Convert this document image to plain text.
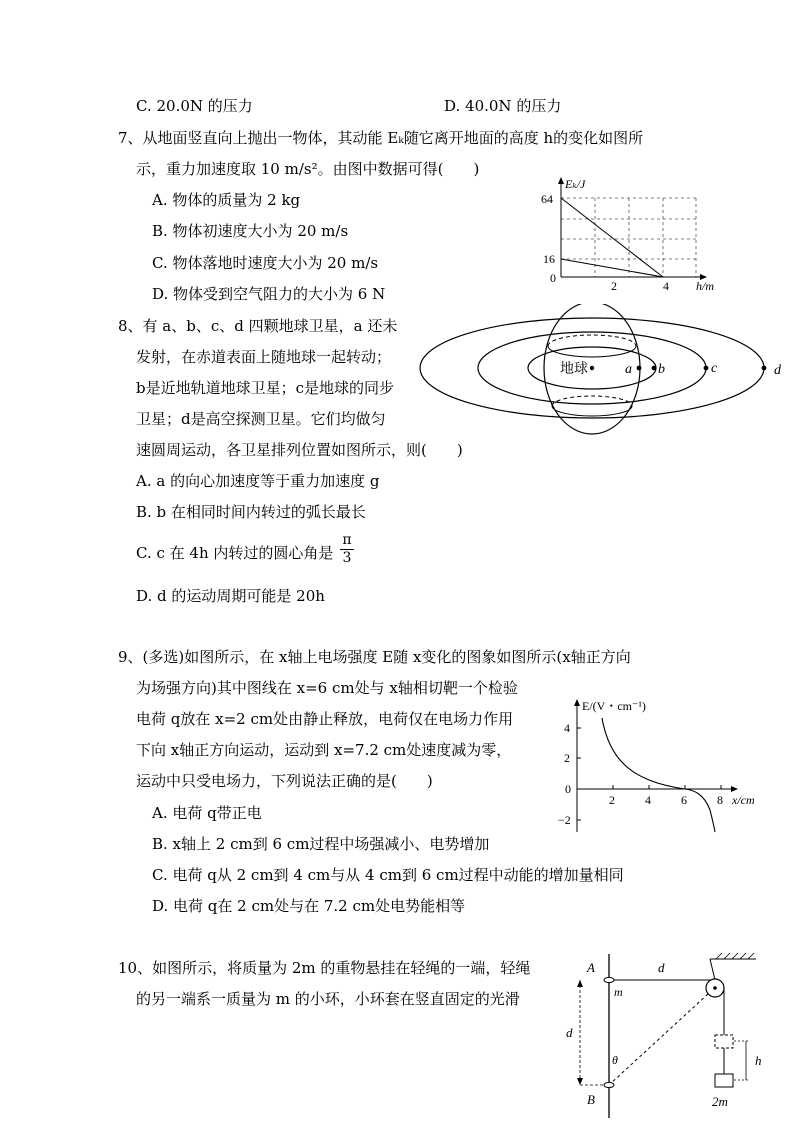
C. 20.0N 的压力	D. 40.0N 的压力
7、从地面竖直向上抛出一物体，其动能 Eₖ随它离开地面的高度 h的变化如图所
示，重力加速度取 10 m/s²。由图中数据可得(　　)
A. 物体的质量为 2 kg
B. 物体初速度大小为 20 m/s
C. 物体落地时速度大小为 20 m/s
D. 物体受到空气阻力的大小为 6 N
Eₖ/J
64
16
0
2	4 h/m
8、有 a、b、c、d 四颗地球卫星，a 还未
发射，在赤道表面上随地球一起转动；
b是近地轨道地球卫星；c是地球的同步
卫星；d是高空探测卫星。它们均做匀
速圆周运动，各卫星排列位置如图所示，则(　　)
A. a 的向心加速度等于重力加速度 g
B. b 在相同时间内转过的弧长最长
C. c 在 4h 内转过的圆心角是 $\frac{\pi}{3}$
D. d 的运动周期可能是 20h
地球	a b	c	d
9、(多选)如图所示，在 x轴上电场强度 E随 x变化的图象如图所示(x轴正方向
为场强方向)其中图线在 x=6 cm处与 x轴相切靶一个检验
电荷 q放在 x=2 cm处由静止释放，电荷仅在电场力作用
下向 x轴正方向运动，运动到 x=7.2 cm处速度减为零，
运动中只受电场力，下列说法正确的是(　　)
A. 电荷 q带正电
B. x轴上 2 cm到 6 cm过程中场强减小、电势增加
C. 电荷 q从 2 cm到 4 cm与从 4 cm到 6 cm过程中动能的增加量相同
D. 电荷 q在 2 cm处与在 7.2 cm处电势能相等
E/(V・cm⁻¹)
4
2
−2
0
2	4	6	8 x/cm
10、如图所示，将质量为 2m 的重物悬挂在轻绳的一端，轻绳
的另一端系一质量为 m 的小环，小环套在竖直固定的光滑
A
B
d
d
m
θ	h
2m
